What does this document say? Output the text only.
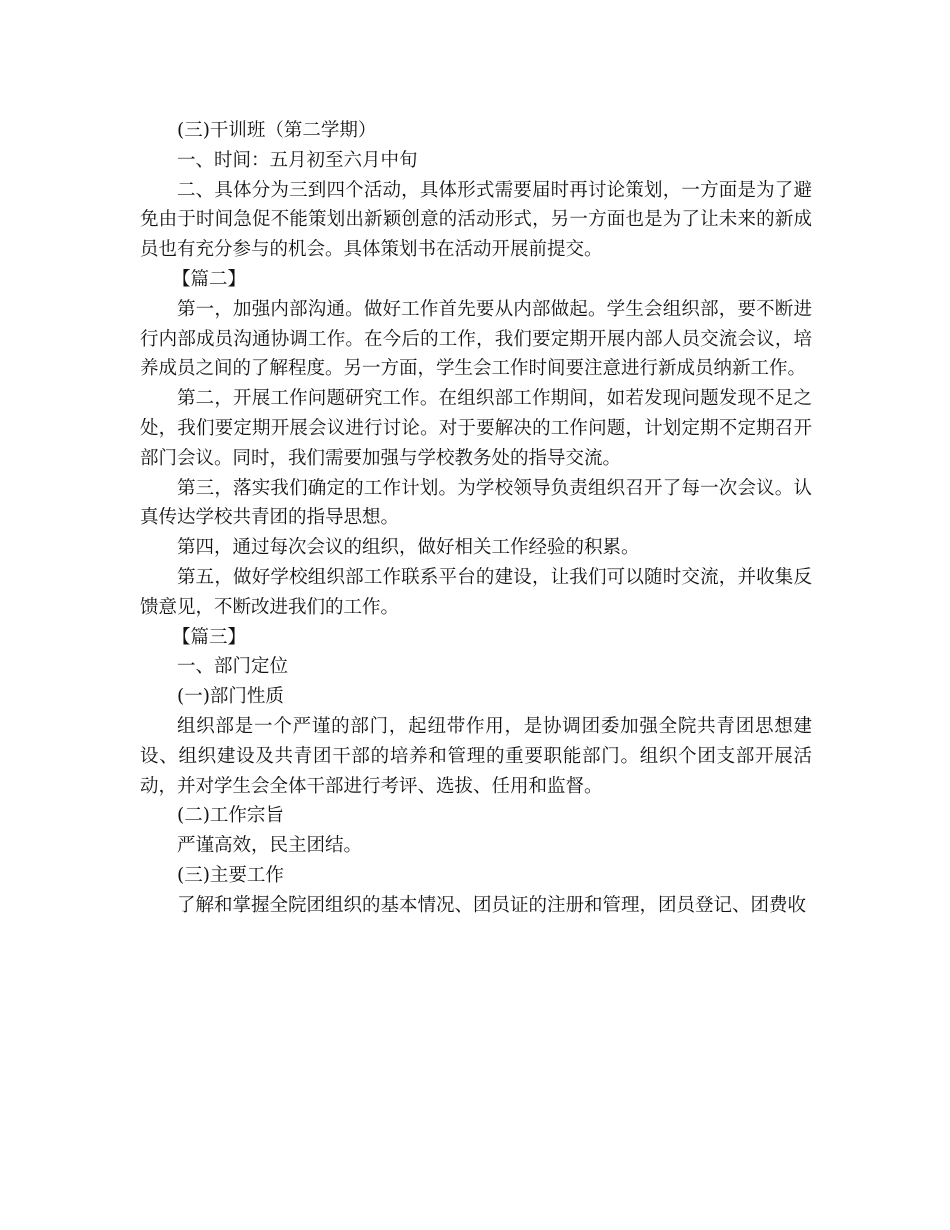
(三)干训班（第二学期）

一、时间：五月初至六月中旬

二、具体分为三到四个活动，具体形式需要届时再讨论策划，一方面是为了避免由于时间急促不能策划出新颖创意的活动形式，另一方面也是为了让未来的新成员也有充分参与的机会。具体策划书在活动开展前提交。

【篇二】

第一，加强内部沟通。做好工作首先要从内部做起。学生会组织部，要不断进行内部成员沟通协调工作。在今后的工作，我们要定期开展内部人员交流会议，培养成员之间的了解程度。另一方面，学生会工作时间要注意进行新成员纳新工作。

第二，开展工作问题研究工作。在组织部工作期间，如若发现问题发现不足之处，我们要定期开展会议进行讨论。对于要解决的工作问题，计划定期不定期召开部门会议。同时，我们需要加强与学校教务处的指导交流。

第三，落实我们确定的工作计划。为学校领导负责组织召开了每一次会议。认真传达学校共青团的指导思想。

第四，通过每次会议的组织，做好相关工作经验的积累。

第五，做好学校组织部工作联系平台的建设，让我们可以随时交流，并收集反馈意见，不断改进我们的工作。

【篇三】

一、部门定位

(一)部门性质

组织部是一个严谨的部门，起纽带作用，是协调团委加强全院共青团思想建设、组织建设及共青团干部的培养和管理的重要职能部门。组织个团支部开展活动，并对学生会全体干部进行考评、选拔、任用和监督。

(二)工作宗旨

严谨高效，民主团结。

(三)主要工作

了解和掌握全院团组织的基本情况、团员证的注册和管理，团员登记、团费收
